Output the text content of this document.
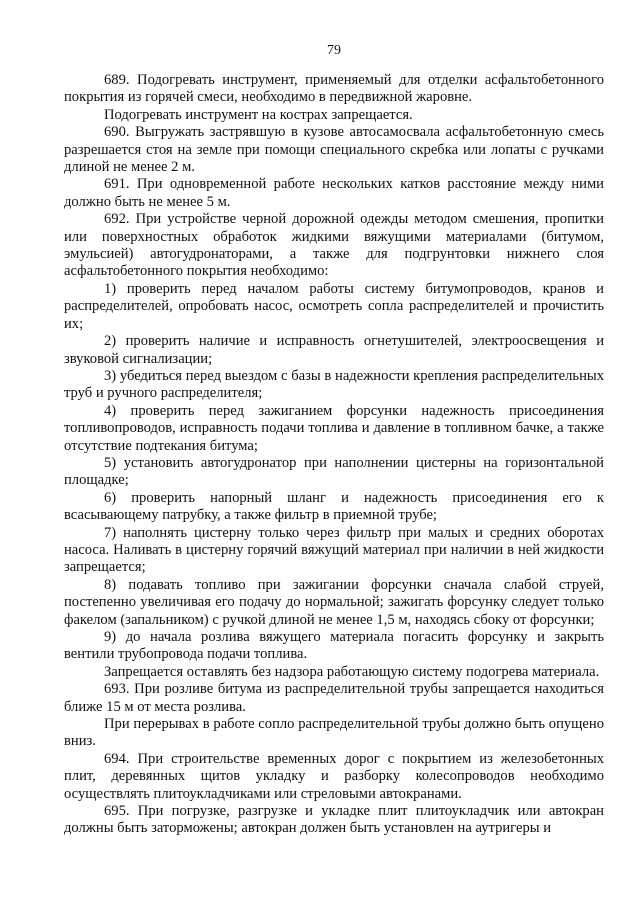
79

689. Подогревать инструмент, применяемый для отделки асфальтобетонного покрытия из горячей смеси, необходимо в передвижной жаровне.

Подогревать инструмент на кострах запрещается.

690. Выгружать застрявшую в кузове автосамосвала асфальтобетонную смесь разрешается стоя на земле при помощи специального скребка или лопаты с ручками длиной не менее 2 м.

691. При одновременной работе нескольких катков расстояние между ними должно быть не менее 5 м.

692. При устройстве черной дорожной одежды методом смешения, пропитки или поверхностных обработок жидкими вяжущими материалами (битумом, эмульсией) автогудронаторами, а также для подгрунтовки нижнего слоя асфальтобетонного покрытия необходимо:

1) проверить перед началом работы систему битумопроводов, кранов и распределителей, опробовать насос, осмотреть сопла распределителей и прочистить их;

2) проверить наличие и исправность огнетушителей, электроосвещения и звуковой сигнализации;

3) убедиться перед выездом с базы в надежности крепления распределительных труб и ручного распределителя;

4) проверить перед зажиганием форсунки надежность присоединения топливопроводов, исправность подачи топлива и давление в топливном бачке, а также отсутствие подтекания битума;

5) установить автогудронатор при наполнении цистерны на горизонтальной площадке;

6) проверить напорный шланг и надежность присоединения его к всасывающему патрубку, а также фильтр в приемной трубе;

7) наполнять цистерну только через фильтр при малых и средних оборотах насоса. Наливать в цистерну горячий вяжущий материал при наличии в ней жидкости запрещается;

8) подавать топливо при зажигании форсунки сначала слабой струей, постепенно увеличивая его подачу до нормальной; зажигать форсунку следует только факелом (запальником) с ручкой длиной не менее 1,5 м, находясь сбоку от форсунки;

9) до начала розлива вяжущего материала погасить форсунку и закрыть вентили трубопровода подачи топлива.

Запрещается оставлять без надзора работающую систему подогрева материала.

693. При розливе битума из распределительной трубы запрещается находиться ближе 15 м от места розлива.

При перерывах в работе сопло распределительной трубы должно быть опущено вниз.

694. При строительстве временных дорог с покрытием из железобетонных плит, деревянных щитов укладку и разборку колесопроводов необходимо осуществлять плитоукладчиками или стреловыми автокранами.

695. При погрузке, разгрузке и укладке плит плитоукладчик или автокран должны быть заторможены; автокран должен быть установлен на аутригеры и
